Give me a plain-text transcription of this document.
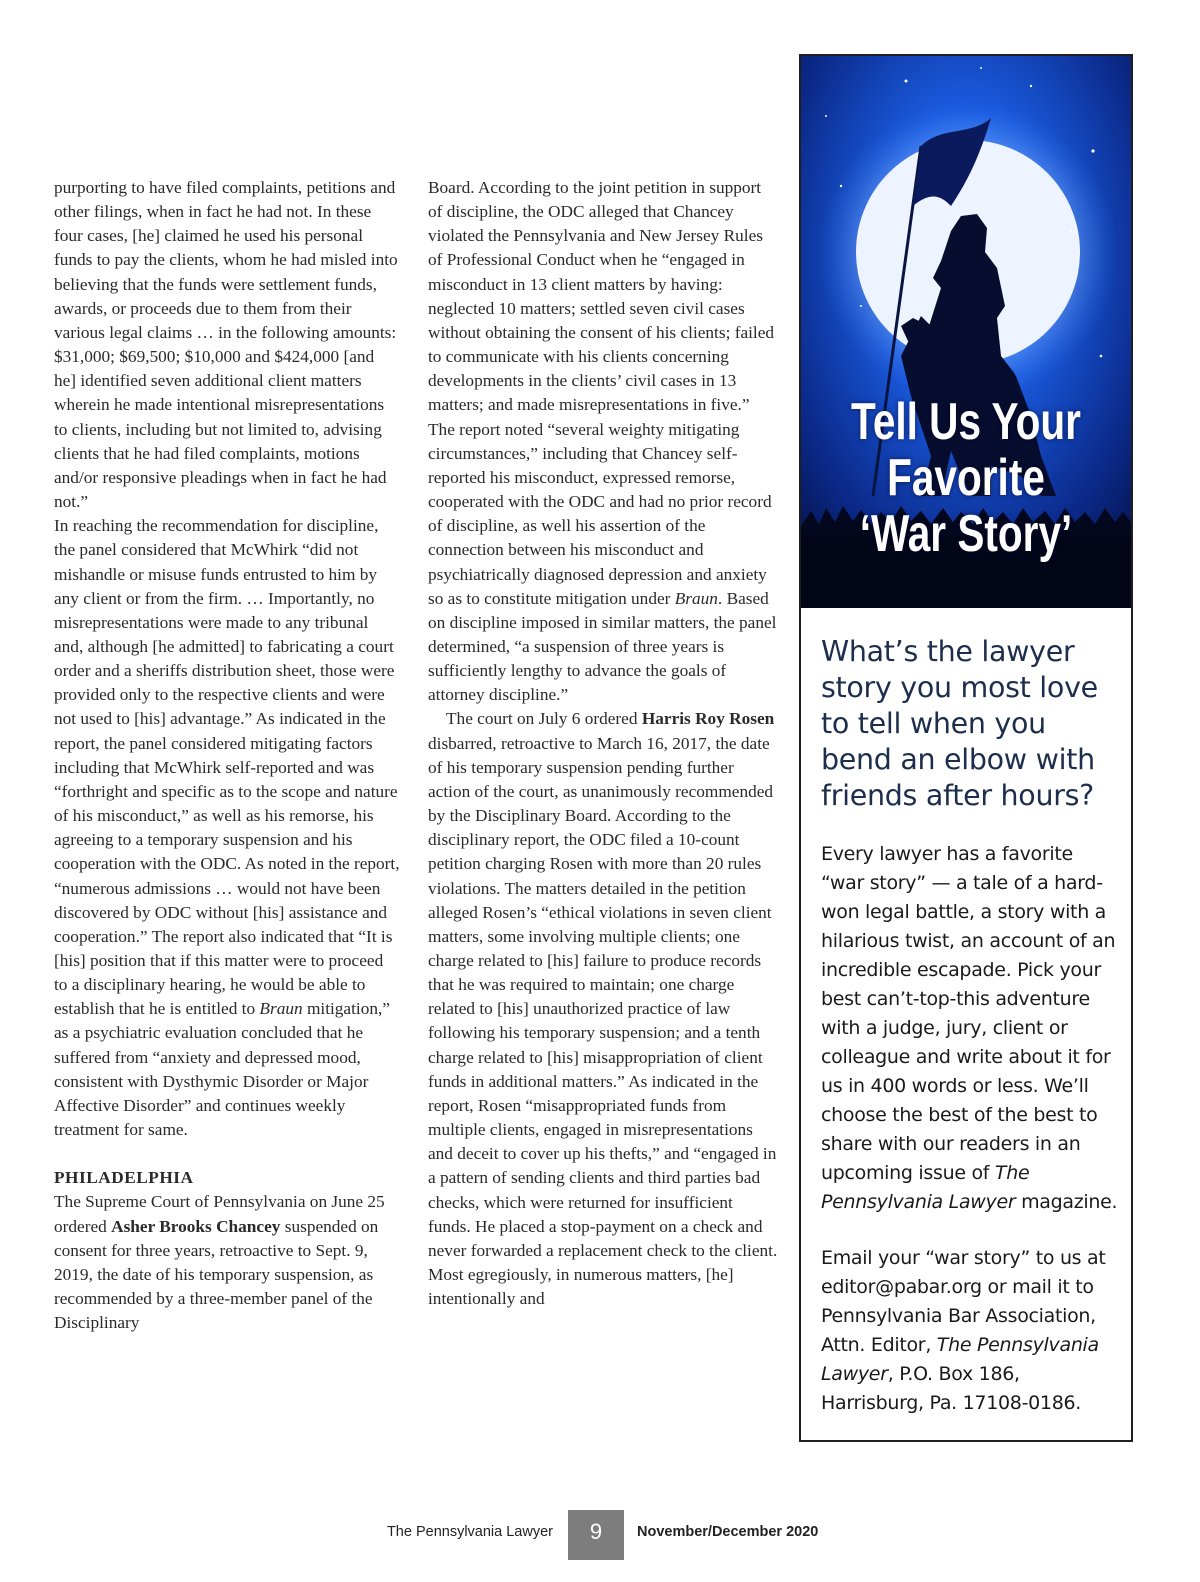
purporting to have filed complaints, petitions and other filings, when in fact he had not. In these four cases, [he] claimed he used his personal funds to pay the clients, whom he had misled into believing that the funds were settlement funds, awards, or proceeds due to them from their various legal claims … in the following amounts: $31,000; $69,500; $10,000 and $424,000 [and he] identified seven additional client matters wherein he made intentional misrepresentations to clients, including but not limited to, advising clients that he had filed complaints, motions and/or responsive pleadings when in fact he had not.”

In reaching the recommendation for discipline, the panel considered that McWhirk “did not mishandle or misuse funds entrusted to him by any client or from the firm. … Importantly, no misrepresentations were made to any tribunal and, although [he admitted] to fabricating a court order and a sheriffs distribution sheet, those were provided only to the respective clients and were not used to [his] advantage.” As indicated in the report, the panel considered mitigating factors including that McWhirk self-reported and was “forthright and specific as to the scope and nature of his misconduct,” as well as his remorse, his agreeing to a temporary suspension and his cooperation with the ODC. As noted in the report, “numerous admissions … would not have been discovered by ODC without [his] assistance and cooperation.” The report also indicated that “It is [his] position that if this matter were to proceed to a disciplinary hearing, he would be able to establish that he is entitled to Braun mitigation,” as a psychiatric evaluation concluded that he suffered from “anxiety and depressed mood, consistent with Dysthymic Disorder or Major Affective Disorder” and continues weekly treatment for same.

PHILADELPHIA

The Supreme Court of Pennsylvania on June 25 ordered Asher Brooks Chancey suspended on consent for three years, retroactive to Sept. 9, 2019, the date of his temporary suspension, as recommended by a three-member panel of the Disciplinary

Board. According to the joint petition in support of discipline, the ODC alleged that Chancey violated the Pennsylvania and New Jersey Rules of Professional Conduct when he “engaged in misconduct in 13 client matters by having: neglected 10 matters; settled seven civil cases without obtaining the consent of his clients; failed to communicate with his clients concerning developments in the clients’ civil cases in 13 matters; and made misrepresentations in five.” The report noted “several weighty mitigating circumstances,” including that Chancey self-reported his misconduct, expressed remorse, cooperated with the ODC and had no prior record of discipline, as well his assertion of the connection between his misconduct and psychiatrically diagnosed depression and anxiety so as to constitute mitigation under Braun. Based on discipline imposed in similar matters, the panel determined, “a suspension of three years is sufficiently lengthy to advance the goals of attorney discipline.”

The court on July 6 ordered Harris Roy Rosen disbarred, retroactive to March 16, 2017, the date of his temporary suspension pending further action of the court, as unanimously recommended by the Disciplinary Board. According to the disciplinary report, the ODC filed a 10-count petition charging Rosen with more than 20 rules violations. The matters detailed in the petition alleged Rosen’s “ethical violations in seven client matters, some involving multiple clients; one charge related to [his] failure to produce records that he was required to maintain; one charge related to [his] unauthorized practice of law following his temporary suspension; and a tenth charge related to [his] misappropriation of client funds in additional matters.” As indicated in the report, Rosen “misappropriated funds from multiple clients, engaged in misrepresentations and deceit to cover up his thefts,” and “engaged in a pattern of sending clients and third parties bad checks, which were returned for insufficient funds. He placed a stop-payment on a check and never forwarded a replacement check to the client. Most egregiously, in numerous matters, [he] intentionally and

Tell Us Your
Favorite
‘War Story’
What’s the lawyer story you most love to tell when you bend an elbow with friends after hours?
Every lawyer has a favorite “war story” — a tale of a hard-won legal battle, a story with a hilarious twist, an account of an incredible escapade. Pick your best can’t-top-this adventure with a judge, jury, client or colleague and write about it for us in 400 words or less. We’ll choose the best of the best to share with our readers in an upcoming issue of The Pennsylvania Lawyer magazine.
Email your “war story” to us at editor@pabar.org or mail it to Pennsylvania Bar Association, Attn. Editor, The Pennsylvania Lawyer, P.O. Box 186, Harrisburg, Pa. 17108-0186.
The Pennsylvania Lawyer	9	November/December 2020
